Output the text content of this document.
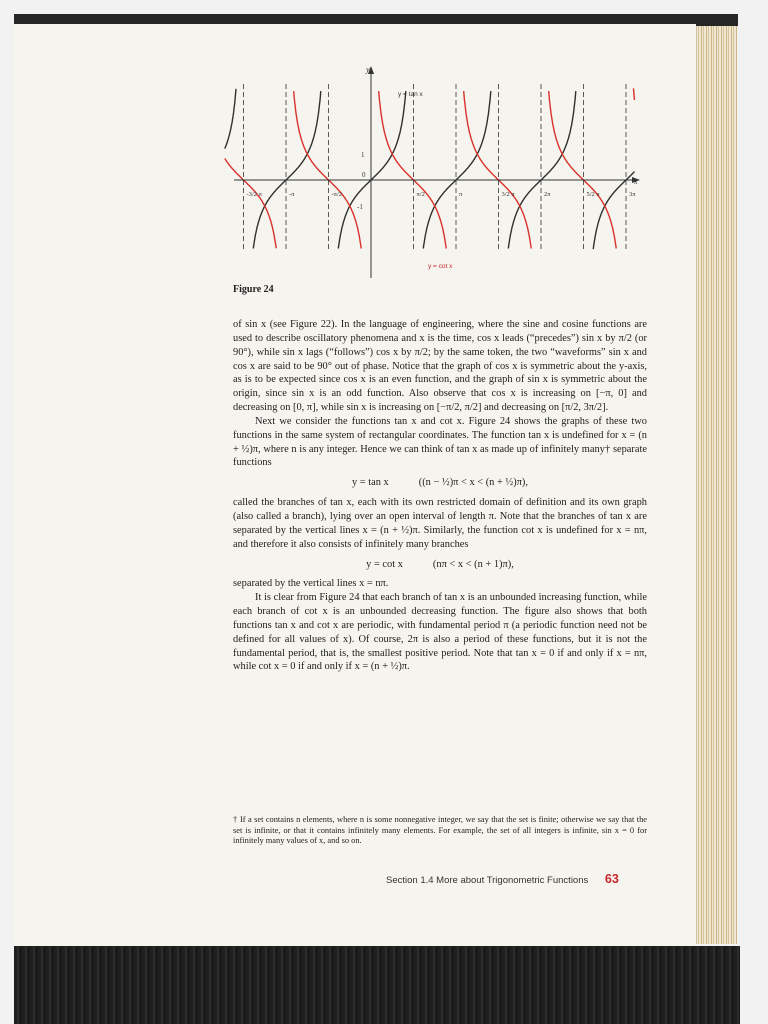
y
x
y = tan x
y = cot x
1
0
-1
-3/2 π	-π	-π/2	π/2	π	3/2 π	2π	5/2 π	3π
Figure 24

of sin x (see Figure 22). In the language of engineering, where the sine and cosine functions are used to describe oscillatory phenomena and x is the time, cos x leads (“precedes”) sin x by π/2 (or 90°), while sin x lags (“follows”) cos x by π/2; by the same token, the two “waveforms” sin x and cos x are said to be 90° out of phase. Notice that the graph of cos x is symmetric about the y-axis, as is to be expected since cos x is an even function, and the graph of sin x is symmetric about the origin, since sin x is an odd function. Also observe that cos x is increasing on [−π, 0] and decreasing on [0, π], while sin x is increasing on [−π/2, π/2] and decreasing on [π/2, 3π/2].

Next we consider the functions tan x and cot x. Figure 24 shows the graphs of these two functions in the same system of rectangular coordinates. The function tan x is undefined for x = (n + ½)π, where n is any integer. Hence we can think of tan x as made up of infinitely many† separate functions

y = tan x	((n − ½)π < x < (n + ½)π),

called the branches of tan x, each with its own restricted domain of definition and its own graph (also called a branch), lying over an open interval of length π. Note that the branches of tan x are separated by the vertical lines x = (n + ½)π. Similarly, the function cot x is undefined for x = nπ, and therefore it also consists of infinitely many branches

y = cot x	(nπ < x < (n + 1)π),

separated by the vertical lines x = nπ.

It is clear from Figure 24 that each branch of tan x is an unbounded increasing function, while each branch of cot x is an unbounded decreasing function. The figure also shows that both functions tan x and cot x are periodic, with fundamental period π (a periodic function need not be defined for all values of x). Of course, 2π is also a period of these functions, but it is not the fundamental period, that is, the smallest positive period. Note that tan x = 0 if and only if x = nπ, while cot x = 0 if and only if x = (n + ½)π.

† If a set contains n elements, where n is some nonnegative integer, we say that the set is finite; otherwise we say that the set is infinite, or that it contains infinitely many elements. For example, the set of all integers is infinite, sin x = 0 for infinitely many values of x, and so on.
Section 1.4 More about Trigonometric Functions 63
